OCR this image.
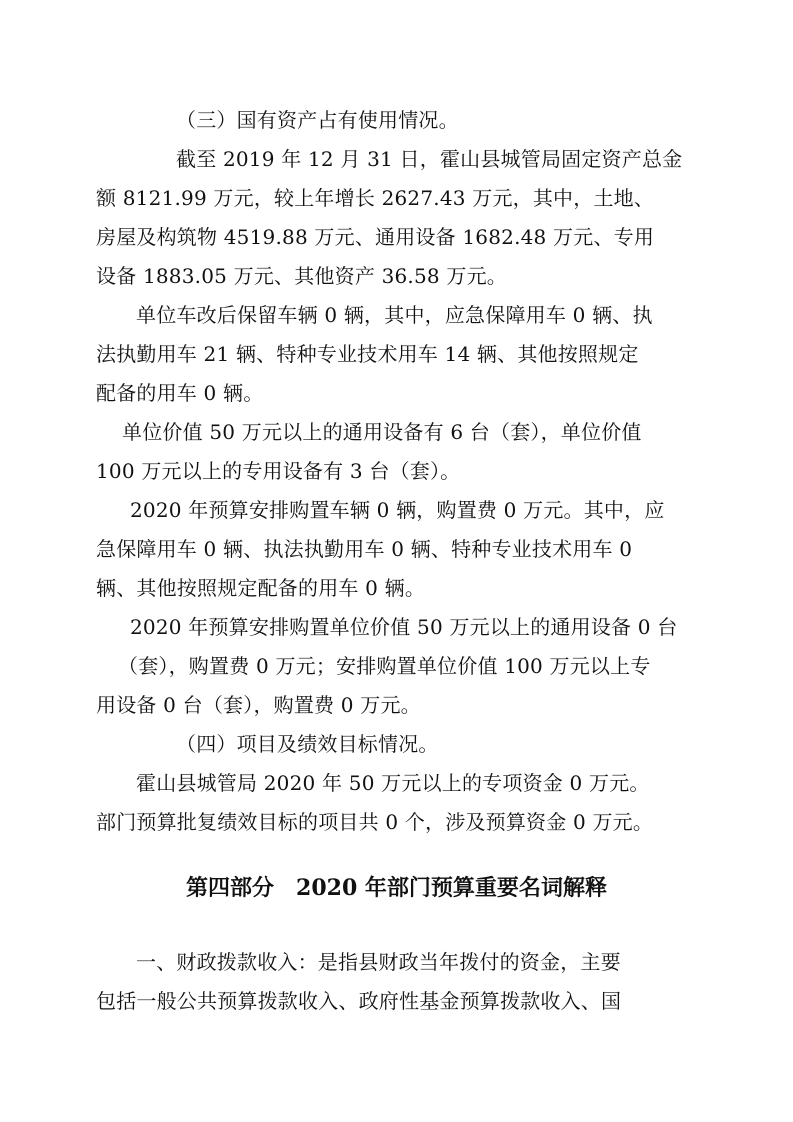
（三）国有资产占有使用情况。
截至 2019 年 12 月 31 日，霍山县城管局固定资产总金
额 8121.99 万元，较上年增长 2627.43 万元，其中，土地、
房屋及构筑物 4519.88 万元、通用设备 1682.48 万元、专用
设备 1883.05 万元、其他资产 36.58 万元。
单位车改后保留车辆 0 辆，其中，应急保障用车 0 辆、执
法执勤用车 21 辆、特种专业技术用车 14 辆、其他按照规定
配备的用车 0 辆。
单位价值 50 万元以上的通用设备有 6 台（套），单位价值
100 万元以上的专用设备有 3 台（套）。
2020 年预算安排购置车辆 0 辆，购置费 0 万元。其中，应
急保障用车 0 辆、执法执勤用车 0 辆、特种专业技术用车 0
辆、其他按照规定配备的用车 0 辆。
2020 年预算安排购置单位价值 50 万元以上的通用设备 0 台
（套），购置费 0 万元；安排购置单位价值 100 万元以上专
用设备 0 台（套），购置费 0 万元。
（四）项目及绩效目标情况。
霍山县城管局 2020 年 50 万元以上的专项资金 0 万元。
部门预算批复绩效目标的项目共 0 个，涉及预算资金 0 万元。
第四部分　2020 年部门预算重要名词解释
一、财政拨款收入：是指县财政当年拨付的资金，主要
包括一般公共预算拨款收入、政府性基金预算拨款收入、国
